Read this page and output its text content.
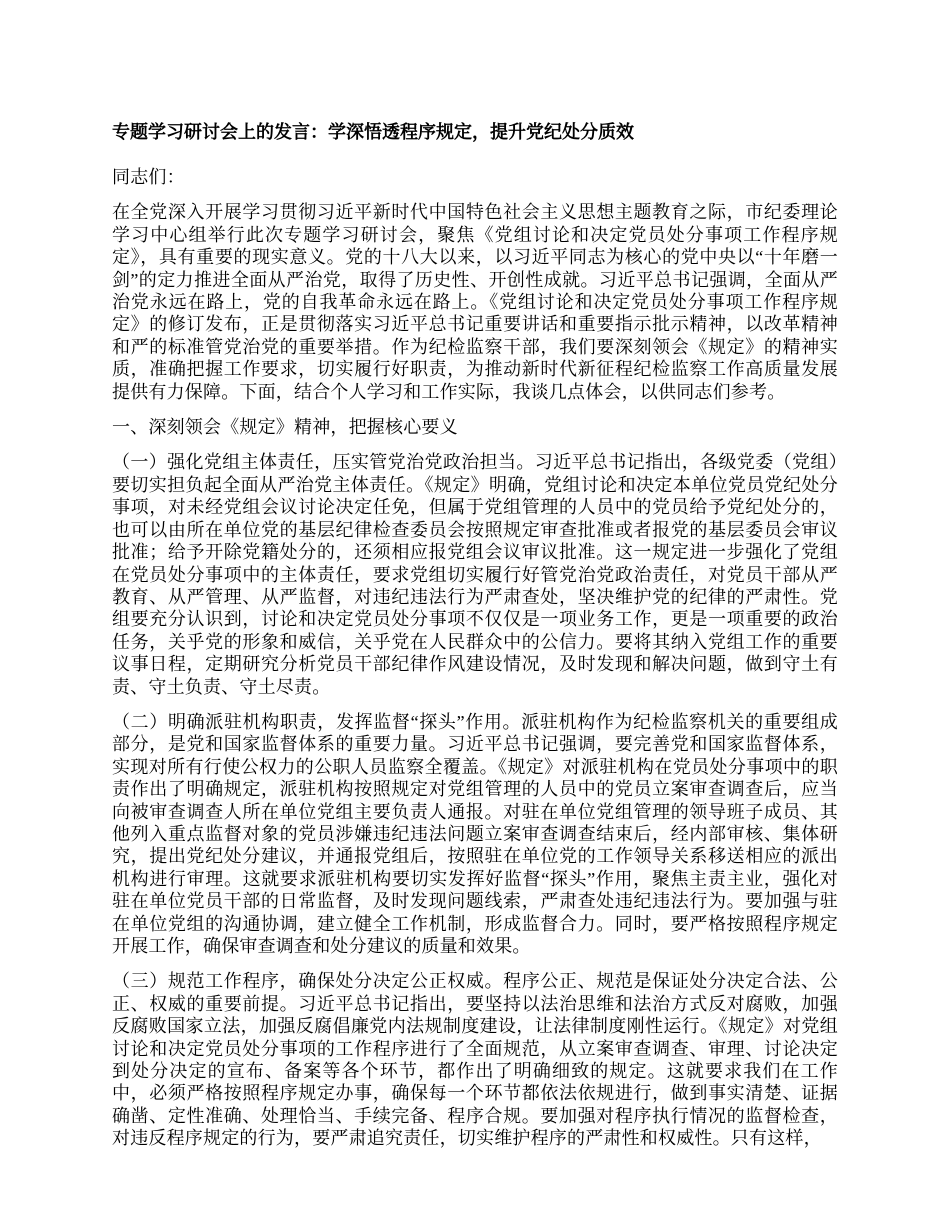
专题学习研讨会上的发言：学深悟透程序规定，提升党纪处分质效
同志们：
在全党深入开展学习贯彻习近平新时代中国特色社会主义思想主题教育之际，市纪委理论学习中心组举行此次专题学习研讨会，聚焦《党组讨论和决定党员处分事项工作程序规定》，具有重要的现实意义。党的十八大以来，以习近平同志为核心的党中央以“十年磨一剑”的定力推进全面从严治党，取得了历史性、开创性成就。习近平总书记强调，全面从严治党永远在路上，党的自我革命永远在路上。《党组讨论和决定党员处分事项工作程序规定》的修订发布，正是贯彻落实习近平总书记重要讲话和重要指示批示精神，以改革精神和严的标准管党治党的重要举措。作为纪检监察干部，我们要深刻领会《规定》的精神实质，准确把握工作要求，切实履行好职责，为推动新时代新征程纪检监察工作高质量发展提供有力保障。下面，结合个人学习和工作实际，我谈几点体会，以供同志们参考。
一、深刻领会《规定》精神，把握核心要义
（一）强化党组主体责任，压实管党治党政治担当。习近平总书记指出，各级党委（党组）要切实担负起全面从严治党主体责任。《规定》明确，党组讨论和决定本单位党员党纪处分事项，对未经党组会议讨论决定任免，但属于党组管理的人员中的党员给予党纪处分的，也可以由所在单位党的基层纪律检查委员会按照规定审查批准或者报党的基层委员会审议批准；给予开除党籍处分的，还须相应报党组会议审议批准。这一规定进一步强化了党组在党员处分事项中的主体责任，要求党组切实履行好管党治党政治责任，对党员干部从严教育、从严管理、从严监督，对违纪违法行为严肃查处，坚决维护党的纪律的严肃性。党组要充分认识到，讨论和决定党员处分事项不仅仅是一项业务工作，更是一项重要的政治任务，关乎党的形象和威信，关乎党在人民群众中的公信力。要将其纳入党组工作的重要议事日程，定期研究分析党员干部纪律作风建设情况，及时发现和解决问题，做到守土有责、守土负责、守土尽责。
（二）明确派驻机构职责，发挥监督“探头”作用。派驻机构作为纪检监察机关的重要组成部分，是党和国家监督体系的重要力量。习近平总书记强调，要完善党和国家监督体系，实现对所有行使公权力的公职人员监察全覆盖。《规定》对派驻机构在党员处分事项中的职责作出了明确规定，派驻机构按照规定对党组管理的人员中的党员立案审查调查后，应当向被审查调查人所在单位党组主要负责人通报。对驻在单位党组管理的领导班子成员、其他列入重点监督对象的党员涉嫌违纪违法问题立案审查调查结束后，经内部审核、集体研究，提出党纪处分建议，并通报党组后，按照驻在单位党的工作领导关系移送相应的派出机构进行审理。这就要求派驻机构要切实发挥好监督“探头”作用，聚焦主责主业，强化对驻在单位党员干部的日常监督，及时发现问题线索，严肃查处违纪违法行为。要加强与驻在单位党组的沟通协调，建立健全工作机制，形成监督合力。同时，要严格按照程序规定开展工作，确保审查调查和处分建议的质量和效果。
（三）规范工作程序，确保处分决定公正权威。程序公正、规范是保证处分决定合法、公正、权威的重要前提。习近平总书记指出，要坚持以法治思维和法治方式反对腐败，加强反腐败国家立法，加强反腐倡廉党内法规制度建设，让法律制度刚性运行。《规定》对党组讨论和决定党员处分事项的工作程序进行了全面规范，从立案审查调查、审理、讨论决定到处分决定的宣布、备案等各个环节，都作出了明确细致的规定。这就要求我们在工作中，必须严格按照程序规定办事，确保每一个环节都依法依规进行，做到事实清楚、证据确凿、定性准确、处理恰当、手续完备、程序合规。要加强对程序执行情况的监督检查，对违反程序规定的行为，要严肃追究责任，切实维护程序的严肃性和权威性。只有这样，
